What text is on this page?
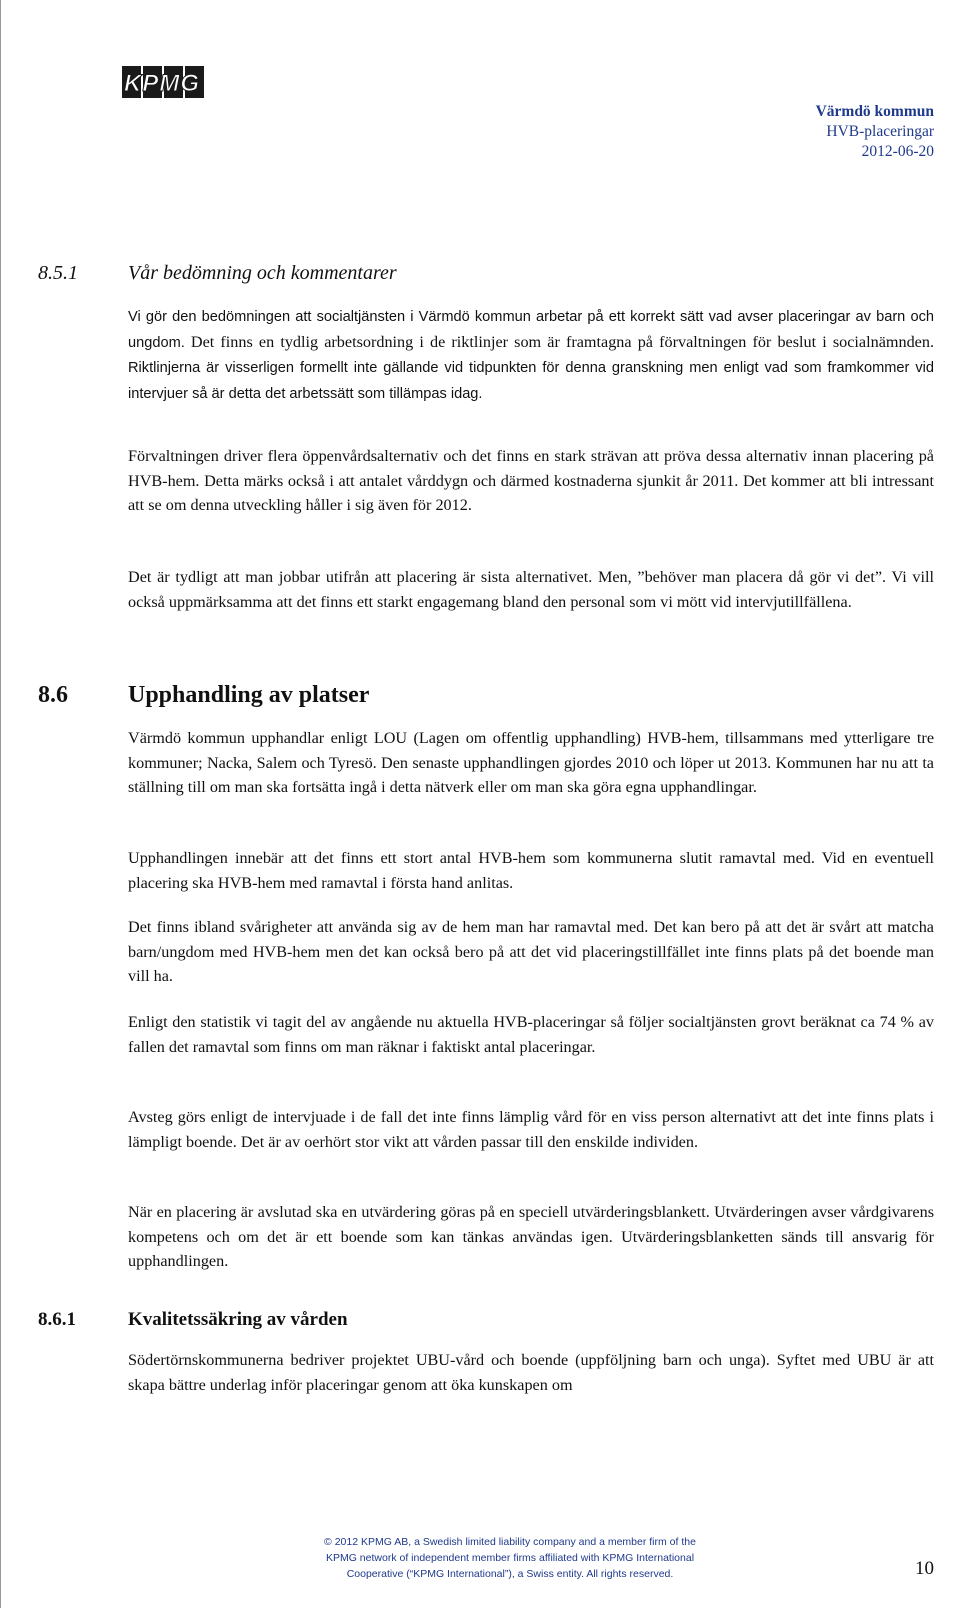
KPMG
Värmdö kommun
HVB-placeringar
2012-06-20
8.5.1	Vår bedömning och kommentarer

Vi gör den bedömningen att socialtjänsten i Värmdö kommun arbetar på ett korrekt sätt vad avser placeringar av barn och ungdom. Det finns en tydlig arbetsordning i de riktlinjer som är framtagna på förvaltningen för beslut i socialnämnden. Riktlinjerna är visserligen formellt inte gällande vid tidpunkten för denna granskning men enligt vad som framkommer vid intervjuer så är detta det arbetssätt som tillämpas idag.

Förvaltningen driver flera öppenvårdsalternativ och det finns en stark strävan att pröva dessa alternativ innan placering på HVB-hem. Detta märks också i att antalet vårddygn och därmed kostnaderna sjunkit år 2011. Det kommer att bli intressant att se om denna utveckling håller i sig även för 2012.

Det är tydligt att man jobbar utifrån att placering är sista alternativet. Men, ”behöver man placera då gör vi det”. Vi vill också uppmärksamma att det finns ett starkt engagemang bland den personal som vi mött vid intervjutillfällena.

8.6	Upphandling av platser

Värmdö kommun upphandlar enligt LOU (Lagen om offentlig upphandling) HVB-hem, tillsammans med ytterligare tre kommuner; Nacka, Salem och Tyresö. Den senaste upphandlingen gjordes 2010 och löper ut 2013. Kommunen har nu att ta ställning till om man ska fortsätta ingå i detta nätverk eller om man ska göra egna upphandlingar.

Upphandlingen innebär att det finns ett stort antal HVB-hem som kommunerna slutit ramavtal med. Vid en eventuell placering ska HVB-hem med ramavtal i första hand anlitas.

Det finns ibland svårigheter att använda sig av de hem man har ramavtal med. Det kan bero på att det är svårt att matcha barn/ungdom med HVB-hem men det kan också bero på att det vid placeringstillfället inte finns plats på det boende man vill ha.

Enligt den statistik vi tagit del av angående nu aktuella HVB-placeringar så följer socialtjänsten grovt beräknat ca 74 % av fallen det ramavtal som finns om man räknar i faktiskt antal placeringar.

Avsteg görs enligt de intervjuade i de fall det inte finns lämplig vård för en viss person alternativt att det inte finns plats i lämpligt boende. Det är av oerhört stor vikt att vården passar till den enskilde individen.

När en placering är avslutad ska en utvärdering göras på en speciell utvärderingsblankett. Utvärderingen avser vårdgivarens kompetens och om det är ett boende som kan tänkas användas igen. Utvärderingsblanketten sänds till ansvarig för upphandlingen.

8.6.1	Kvalitetssäkring av vården

Södertörnskommunerna bedriver projektet UBU-vård och boende (uppföljning barn och unga). Syftet med UBU är att skapa bättre underlag inför placeringar genom att öka kunskapen om

© 2012 KPMG AB, a Swedish limited liability company and a member firm of the
KPMG network of independent member firms affiliated with KPMG International
Cooperative (“KPMG International”), a Swiss entity. All rights reserved.	10
